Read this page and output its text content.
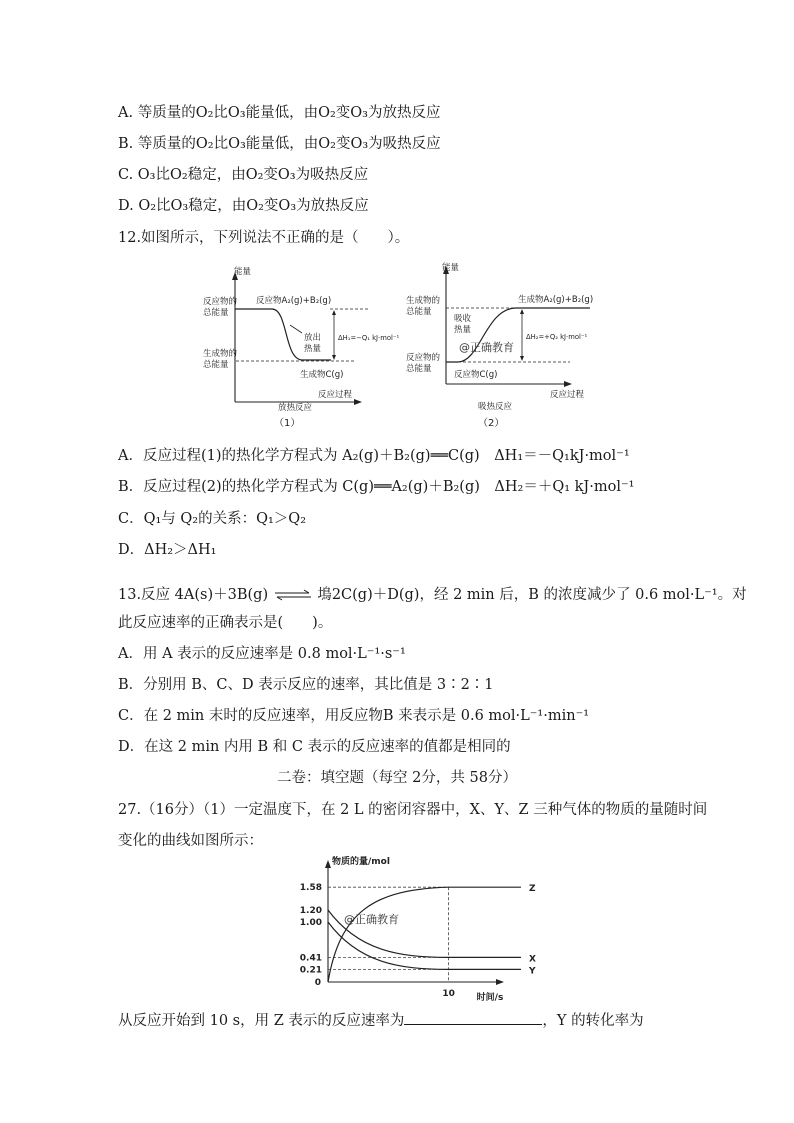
A. 等质量的O₂比O₃能量低，由O₂变O₃为放热反应
B. 等质量的O₂比O₃能量低，由O₂变O₃为吸热反应
C. O₃比O₂稳定，由O₂变O₃为吸热反应
D. O₂比O₃稳定，由O₂变O₃为放热反应
12.如图所示，下列说法不正确的是（　　）。
能量
反应物的
总能量
生成物的
总能量
反应物A₂(g)+B₂(g)
放出
热量
ΔH₁=−Q₁ kJ·mol⁻¹
生成物C(g)
反应过程
放热反应
（1）
能量
生成物的
总能量
反应物的
总能量
生成物A₂(g)+B₂(g)
吸收
热量
@正确教育
ΔH₂=+Q₂ kJ·mol⁻¹
反应物C(g)
反应过程
吸热反应
（2）
A．反应过程(1)的热化学方程式为 A₂(g)＋B₂(g)══C(g)　ΔH₁＝－Q₁kJ·mol⁻¹
B．反应过程(2)的热化学方程式为 C(g)══A₂(g)＋B₂(g)　ΔH₂＝＋Q₁ kJ·mol⁻¹
C．Q₁与 Q₂的关系：Q₁＞Q₂
D．ΔH₂＞ΔH₁
13.反应 4A(s)＋3B(g) ⇌ 䲧2C(g)＋D(g)，经 2 min 后，B 的浓度减少了 0.6 mol·L⁻¹。对
此反应速率的正确表示是(　　)。
A．用 A 表示的反应速率是 0.8 mol·L⁻¹·s⁻¹
B．分别用 B、C、D 表示反应的速率，其比值是 3∶2∶1
C．在 2 min 末时的反应速率，用反应物B 来表示是 0.6 mol·L⁻¹·min⁻¹
D．在这 2 min 内用 B 和 C 表示的反应速率的值都是相同的
二卷：填空题（每空 2分，共 58分）
27.（16分）（1）一定温度下，在 2 L 的密闭容器中，X、Y、Z 三种气体的物质的量随时间
变化的曲线如图所示：
物质的量/mol
时间/s
0
1.58
1.20
1.00
0.41
0.21
10
Z
X
Y
@正确教育
从反应开始到 10 s，用 Z 表示的反应速率为	，Y 的转化率为
